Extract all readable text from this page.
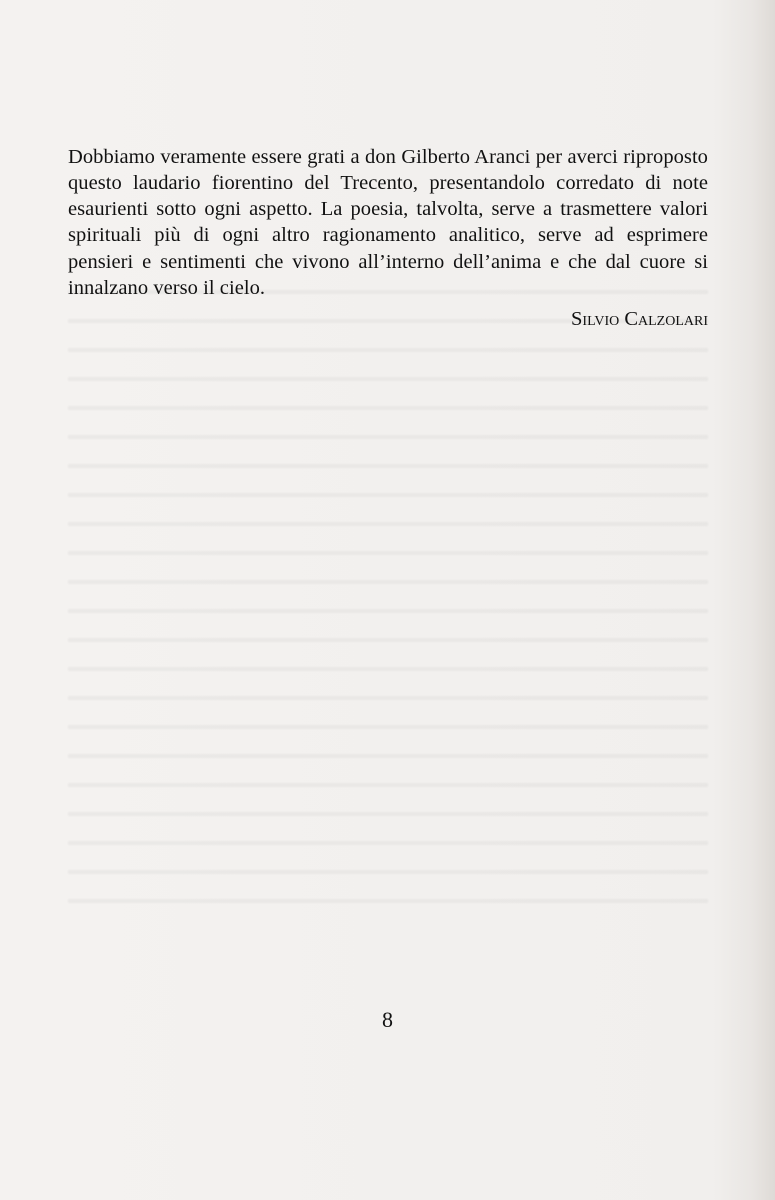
Dobbiamo veramente essere grati a don Gilberto Aranci per averci riproposto questo laudario fiorentino del Trecento, presentandolo corredato di note esaurienti sotto ogni aspetto. La poesia, talvolta, serve a trasmettere valori spirituali più di ogni altro ragionamento analitico, serve ad esprimere pensieri e sentimenti che vivono all’interno dell’anima e che dal cuore si innalzano verso il cielo.

Silvio Calzolari
8
